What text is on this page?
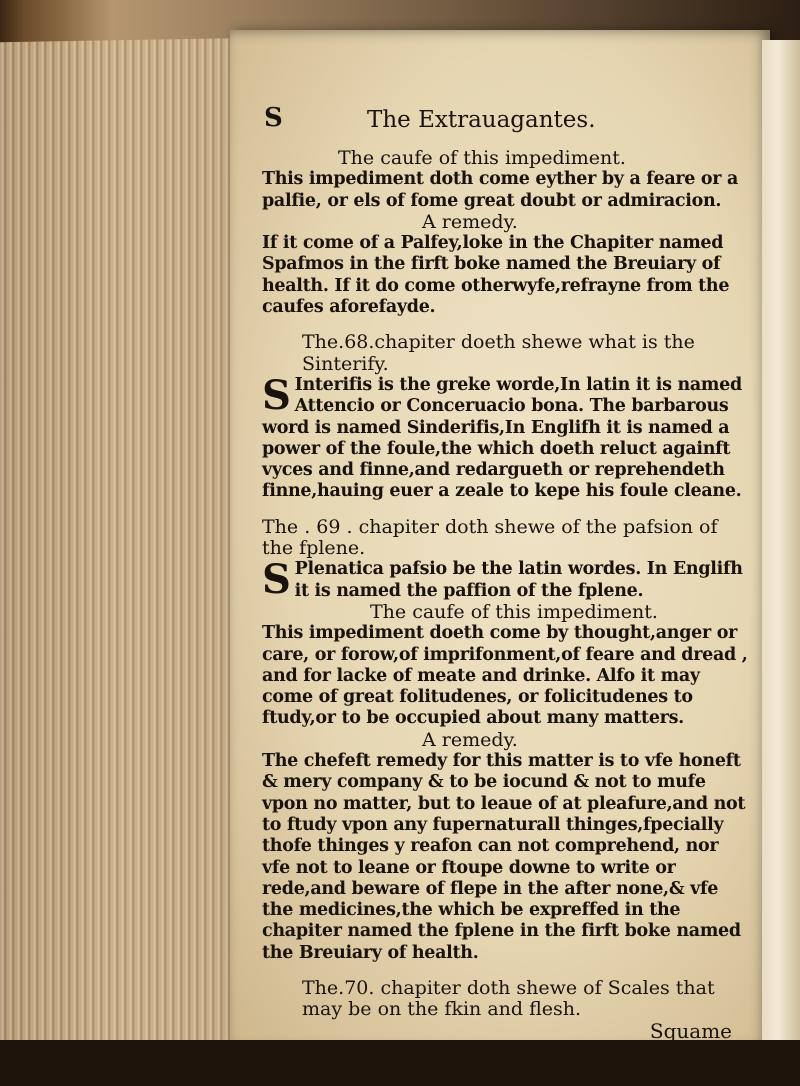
S	The Extrauagantes.

The caufe of this impediment.

This impediment doth come eyther by a feare or a palfie, or els of fome great doubt or admiracion.

A remedy.

If it come of a Palfey,loke in the Chapiter named Spafmos in the firft boke named the Breuiary of health. If it do come otherwyfe,refrayne from the caufes aforefayde.

The.68.chapiter doeth shewe what is the Sinterify.

S Interifis is the greke worde,In latin it is named Attencio or Conceruacio bona. The barbarous word is named Sinderifis,In Englifh it is named a power of the foule,the which doeth reluct againft vyces and finne,and redargueth or reprehendeth finne,hauing euer a zeale to kepe his foule cleane.

The . 69 . chapiter doth shewe of the pafsion of the fplene.

S Plenatica pafsio be the latin wordes. In Englifh it is named the paffion of the fplene.

The caufe of this impediment.

This impediment doeth come by thought,anger or care, or forow,of imprifonment,of feare and dread , and for lacke of meate and drinke. Alfo it may come of great folitudenes, or folicitudenes to ftudy,or to be occupied about many matters.

A remedy.

The chefeft remedy for this matter is to vfe honeft & mery company & to be iocund & not to mufe vpon no matter, but to leaue of at pleafure,and not to ftudy vpon any fupernaturall thinges,fpecially thofe thinges y reafon can not comprehend, nor vfe not to leane or ftoupe downe to write or rede,and beware of flepe in the after none,& vfe the medicines,the which be expreffed in the chapiter named the fplene in the firft boke named the Breuiary of health.

The.70. chapiter doth shewe of Scales that

may be on the fkin and flesh.

Squame
